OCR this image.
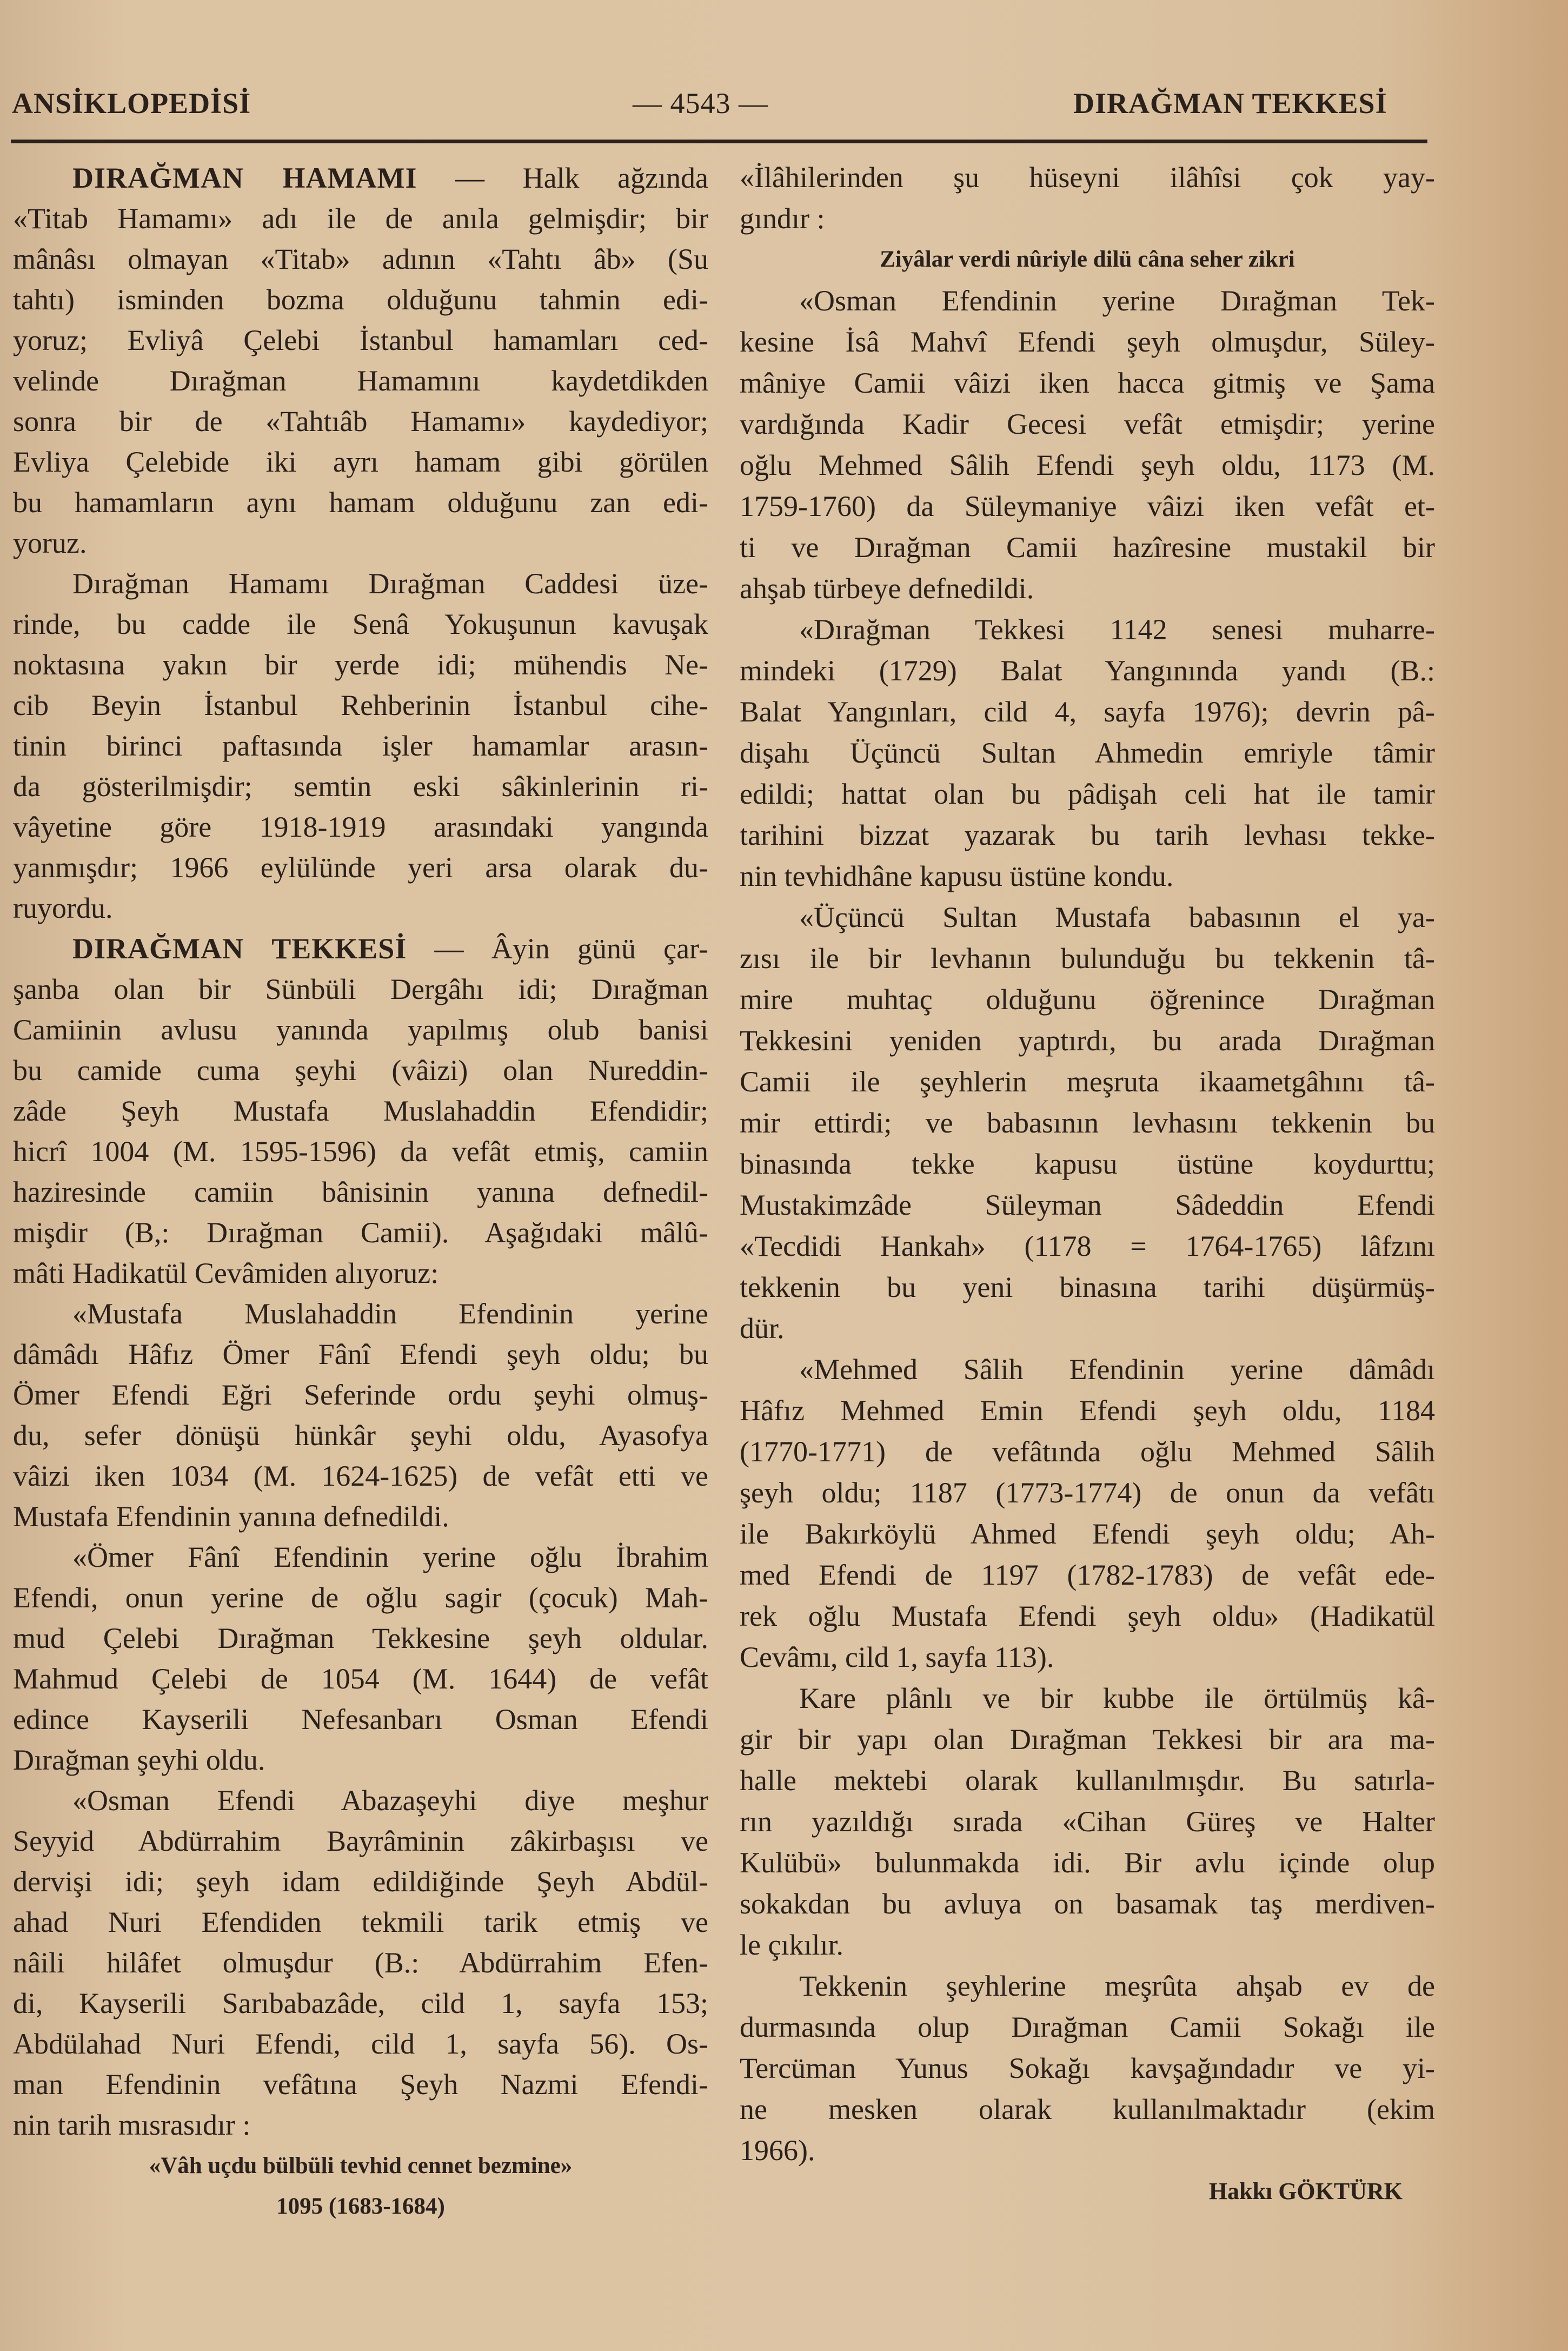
ANSİKLOPEDİSİ	— 4543 —	DIRAĞMAN TEKKESİ
DIRAĞMAN HAMAMI — Halk ağzında
«Titab Hamamı» adı ile de anıla gelmişdir; bir
mânâsı olmayan «Titab» adının «Tahtı âb» (Su
tahtı) isminden bozma olduğunu tahmin edi-
yoruz; Evliyâ Çelebi İstanbul hamamları ced-
velinde Dırağman Hamamını kaydetdikden
sonra bir de «Tahtıâb Hamamı» kaydediyor;
Evliya Çelebide iki ayrı hamam gibi görülen
bu hamamların aynı hamam olduğunu zan edi-
yoruz.
Dırağman Hamamı Dırağman Caddesi üze-
rinde, bu cadde ile Senâ Yokuşunun kavuşak
noktasına yakın bir yerde idi; mühendis Ne-
cib Beyin İstanbul Rehberinin İstanbul cihe-
tinin birinci paftasında işler hamamlar arasın-
da gösterilmişdir; semtin eski sâkinlerinin ri-
vâyetine göre 1918-1919 arasındaki yangında
yanmışdır; 1966 eylülünde yeri arsa olarak du-
ruyordu.
DIRAĞMAN TEKKESİ — Âyin günü çar-
şanba olan bir Sünbüli Dergâhı idi; Dırağman
Camiinin avlusu yanında yapılmış olub banisi
bu camide cuma şeyhi (vâizi) olan Nureddin-
zâde Şeyh Mustafa Muslahaddin Efendidir;
hicrî 1004 (M. 1595-1596) da vefât etmiş, camiin
haziresinde camiin bânisinin yanına defnedil-
mişdir (B,: Dırağman Camii). Aşağıdaki mâlû-
mâti Hadikatül Cevâmiden alıyoruz:
«Mustafa Muslahaddin Efendinin yerine
dâmâdı Hâfız Ömer Fânî Efendi şeyh oldu; bu
Ömer Efendi Eğri Seferinde ordu şeyhi olmuş-
du, sefer dönüşü hünkâr şeyhi oldu, Ayasofya
vâizi iken 1034 (M. 1624-1625) de vefât etti ve
Mustafa Efendinin yanına defnedildi.
«Ömer Fânî Efendinin yerine oğlu İbrahim
Efendi, onun yerine de oğlu sagir (çocuk) Mah-
mud Çelebi Dırağman Tekkesine şeyh oldular.
Mahmud Çelebi de 1054 (M. 1644) de vefât
edince Kayserili Nefesanbarı Osman Efendi
Dırağman şeyhi oldu.
«Osman Efendi Abazaşeyhi diye meşhur
Seyyid Abdürrahim Bayrâminin zâkirbaşısı ve
dervişi idi; şeyh idam edildiğinde Şeyh Abdül-
ahad Nuri Efendiden tekmili tarik etmiş ve
nâili hilâfet olmuşdur (B.: Abdürrahim Efen-
di, Kayserili Sarıbabazâde, cild 1, sayfa 153;
Abdülahad Nuri Efendi, cild 1, sayfa 56). Os-
man Efendinin vefâtına Şeyh Nazmi Efendi-
nin tarih mısrasıdır :
«Vâh uçdu bülbüli tevhid cennet bezmine»
1095 (1683-1684)
«İlâhilerinden şu hüseyni ilâhîsi çok yay-
gındır :
Ziyâlar verdi nûriyle dilü câna seher zikri
«Osman Efendinin yerine Dırağman Tek-
kesine İsâ Mahvî Efendi şeyh olmuşdur, Süley-
mâniye Camii vâizi iken hacca gitmiş ve Şama
vardığında Kadir Gecesi vefât etmişdir; yerine
oğlu Mehmed Sâlih Efendi şeyh oldu, 1173 (M.
1759-1760) da Süleymaniye vâizi iken vefât et-
ti ve Dırağman Camii hazîresine mustakil bir
ahşab türbeye defnedildi.
«Dırağman Tekkesi 1142 senesi muharre-
mindeki (1729) Balat Yangınında yandı (B.:
Balat Yangınları, cild 4, sayfa 1976); devrin pâ-
dişahı Üçüncü Sultan Ahmedin emriyle tâmir
edildi; hattat olan bu pâdişah celi hat ile tamir
tarihini bizzat yazarak bu tarih levhası tekke-
nin tevhidhâne kapusu üstüne kondu.
«Üçüncü Sultan Mustafa babasının el ya-
zısı ile bir levhanın bulunduğu bu tekkenin tâ-
mire muhtaç olduğunu öğrenince Dırağman
Tekkesini yeniden yaptırdı, bu arada Dırağman
Camii ile şeyhlerin meşruta ikaametgâhını tâ-
mir ettirdi; ve babasının levhasını tekkenin bu
binasında tekke kapusu üstüne koydurttu;
Mustakimzâde Süleyman Sâdeddin Efendi
«Tecdidi Hankah» (1178 = 1764-1765) lâfzını
tekkenin bu yeni binasına tarihi düşürmüş-
dür.
«Mehmed Sâlih Efendinin yerine dâmâdı
Hâfız Mehmed Emin Efendi şeyh oldu, 1184
(1770-1771) de vefâtında oğlu Mehmed Sâlih
şeyh oldu; 1187 (1773-1774) de onun da vefâtı
ile Bakırköylü Ahmed Efendi şeyh oldu; Ah-
med Efendi de 1197 (1782-1783) de vefât ede-
rek oğlu Mustafa Efendi şeyh oldu» (Hadikatül
Cevâmı, cild 1, sayfa 113).
Kare plânlı ve bir kubbe ile örtülmüş kâ-
gir bir yapı olan Dırağman Tekkesi bir ara ma-
halle mektebi olarak kullanılmışdır. Bu satırla-
rın yazıldığı sırada «Cihan Güreş ve Halter
Kulübü» bulunmakda idi. Bir avlu içinde olup
sokakdan bu avluya on basamak taş merdiven-
le çıkılır.
Tekkenin şeyhlerine meşrûta ahşab ev de
durmasında olup Dırağman Camii Sokağı ile
Tercüman Yunus Sokağı kavşağındadır ve yi-
ne mesken olarak kullanılmaktadır (ekim
1966).
Hakkı GÖKTÜRK
